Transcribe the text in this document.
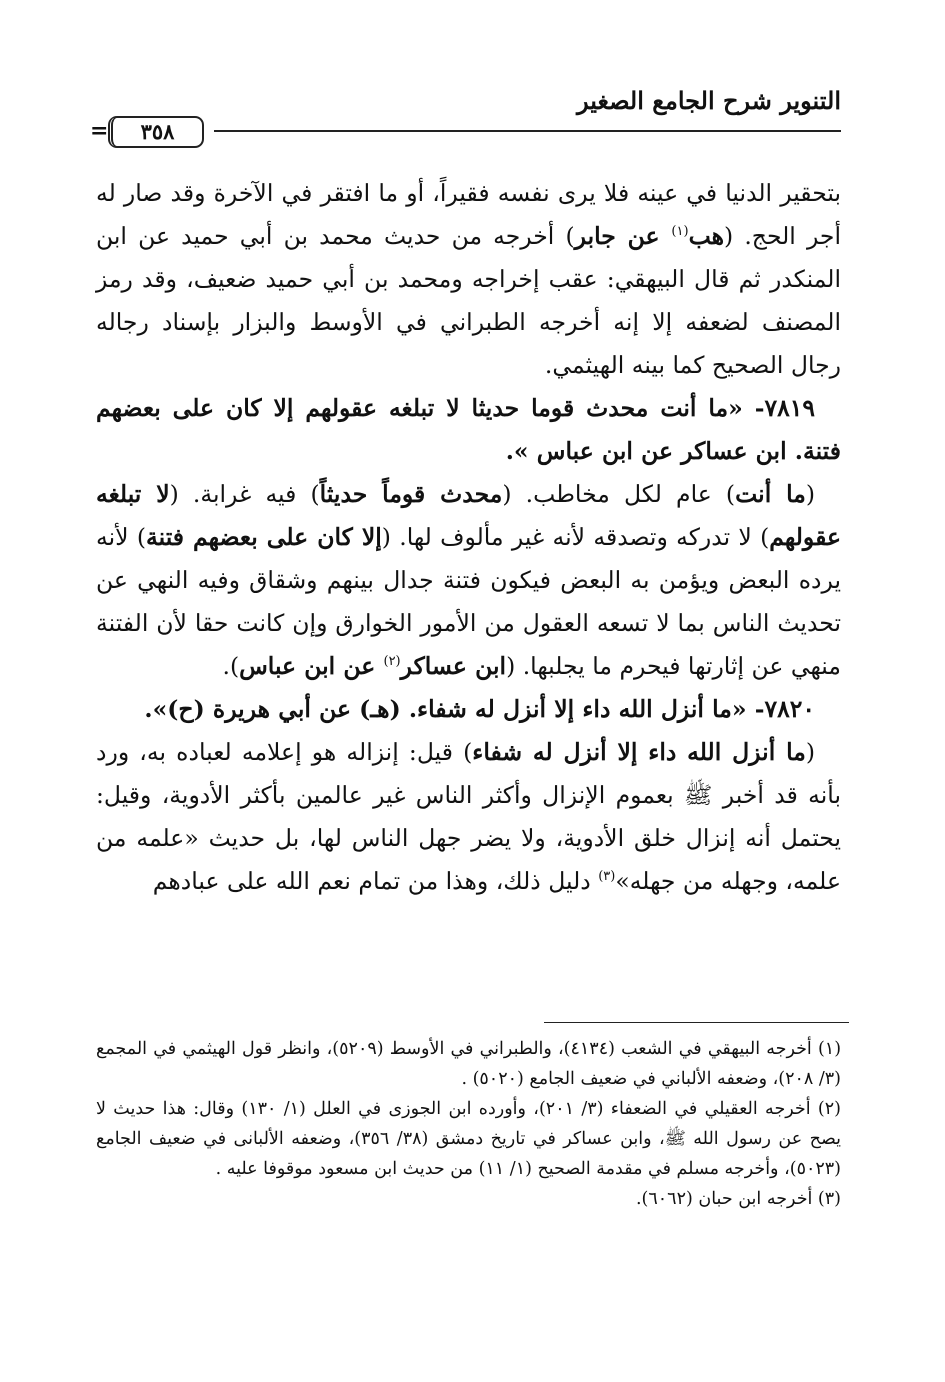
التنوير شرح الجامع الصغير
٣٥٨
=

بتحقير الدنيا في عينه فلا يرى نفسه فقيراً، أو ما افتقر في الآخرة وقد صار له أجر الحج. (هب$^{(١)}$ عن جابر) أخرجه من حديث محمد بن أبي حميد عن ابن المنكدر ثم قال البيهقي: عقب إخراجه ومحمد بن أبي حميد ضعيف، وقد رمز المصنف لضعفه إلا إنه أخرجه الطبراني في الأوسط والبزار بإسناد رجاله رجال الصحيح كما بينه الهيثمي.

٧٨١٩- «ما أنت محدث قوما حديثا لا تبلغه عقولهم إلا كان على بعضهم فتنة. ابن عساكر عن ابن عباس ».

(ما أنت) عام لكل مخاطب. (محدث قوماً حديثاً) فيه غرابة. (لا تبلغه عقولهم) لا تدركه وتصدقه لأنه غير مألوف لها. (إلا كان على بعضهم فتنة) لأنه يرده البعض ويؤمن به البعض فيكون فتنة جدال بينهم وشقاق وفيه النهي عن تحديث الناس بما لا تسعه العقول من الأمور الخوارق وإن كانت حقا لأن الفتنة منهي عن إثارتها فيحرم ما يجلبها. (ابن عساكر$^{(٢)}$ عن ابن عباس).

٧٨٢٠- «ما أنزل الله داء إلا أنزل له شفاء. (هـ) عن أبي هريرة (ح)».

(ما أنزل الله داء إلا أنزل له شفاء) قيل: إنزاله هو إعلامه لعباده به، ورد بأنه قد أخبر ﷺ بعموم الإنزال وأكثر الناس غير عالمين بأكثر الأدوية، وقيل: يحتمل أنه إنزال خلق الأدوية، ولا يضر جهل الناس لها، بل حديث «علمه من علمه، وجهله من جهله»$^{(٣)}$ دليل ذلك، وهذا من تمام نعم الله على عبادهم

(١) أخرجه البيهقي في الشعب (٤١٣٤)، والطبراني في الأوسط (٥٢٠٩)، وانظر قول الهيثمي في المجمع (٣/ ٢٠٨)، وضعفه الألباني في ضعيف الجامع (٥٠٢٠) .

(٢) أخرجه العقيلي في الضعفاء (٣/ ٢٠١)، وأورده ابن الجوزى في العلل (١/ ١٣٠) وقال: هذا حديث لا يصح عن رسول الله ﷺ، وابن عساكر في تاريخ دمشق (٣٨/ ٣٥٦)، وضعفه الألبانى في ضعيف الجامع (٥٠٢٣)، وأخرجه مسلم في مقدمة الصحيح (١/ ١١) من حديث ابن مسعود موقوفا عليه .

(٣) أخرجه ابن حبان (٦٠٦٢).
